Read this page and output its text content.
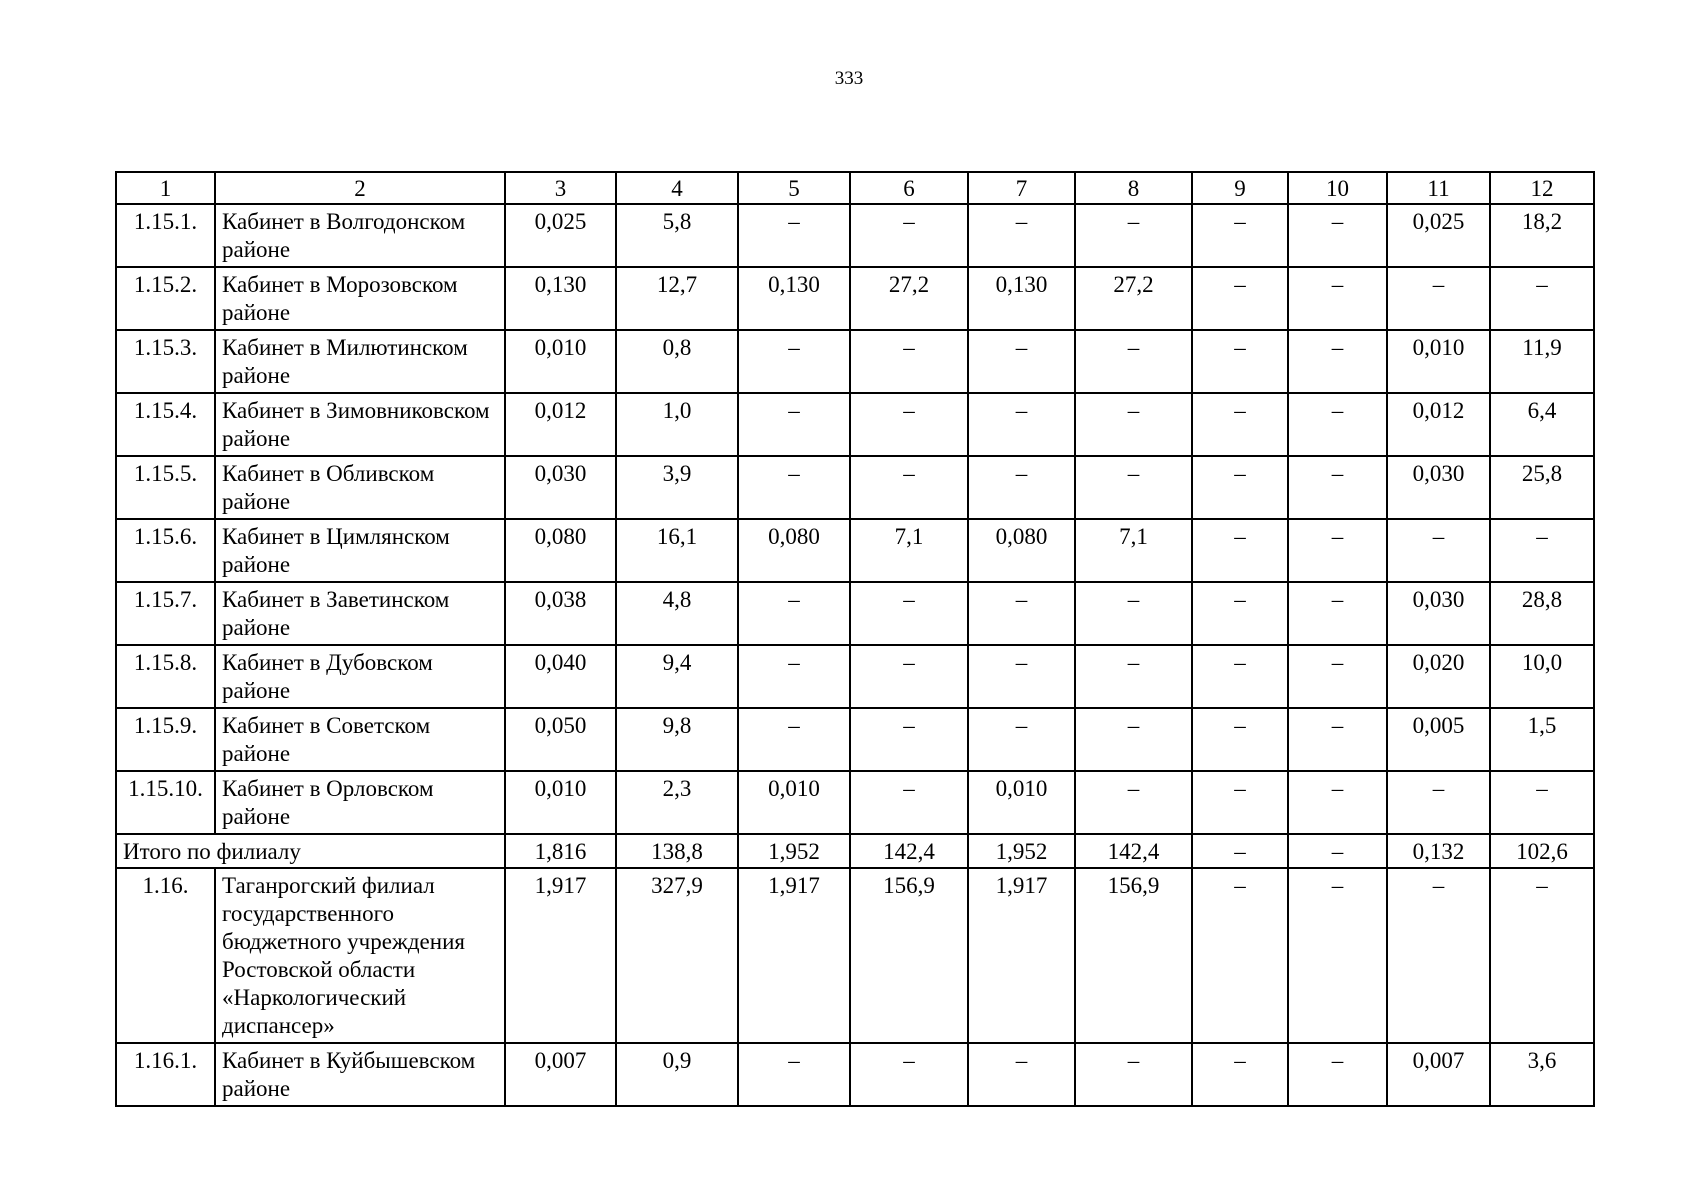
333
1	2	3	4	5	6	7	8	9	10	11	12
1.15.1.	Кабинет в Волгодонском районе	0,025	5,8	–	–	–	–	–	–	0,025	18,2
1.15.2.	Кабинет в Морозовском районе	0,130	12,7	0,130	27,2	0,130	27,2	–	–	–	–
1.15.3.	Кабинет в Милютинском районе	0,010	0,8	–	–	–	–	–	–	0,010	11,9
1.15.4.	Кабинет в Зимовниковском районе	0,012	1,0	–	–	–	–	–	–	0,012	6,4
1.15.5.	Кабинет в Обливском районе	0,030	3,9	–	–	–	–	–	–	0,030	25,8
1.15.6.	Кабинет в Цимлянском районе	0,080	16,1	0,080	7,1	0,080	7,1	–	–	–	–
1.15.7.	Кабинет в Заветинском районе	0,038	4,8	–	–	–	–	–	–	0,030	28,8
1.15.8.	Кабинет в Дубовском районе	0,040	9,4	–	–	–	–	–	–	0,020	10,0
1.15.9.	Кабинет в Советском районе	0,050	9,8	–	–	–	–	–	–	0,005	1,5
1.15.10.	Кабинет в Орловском районе	0,010	2,3	0,010	–	0,010	–	–	–	–	–
Итого по филиалу		1,816	138,8	1,952	142,4	1,952	142,4	–	–	0,132	102,6
1.16.	Таганрогский филиал государственного бюджетного учреждения Ростовской области «Наркологический диспансер»	1,917	327,9	1,917	156,9	1,917	156,9	–	–	–	–
1.16.1.	Кабинет в Куйбышевском районе	0,007	0,9	–	–	–	–	–	–	0,007	3,6
